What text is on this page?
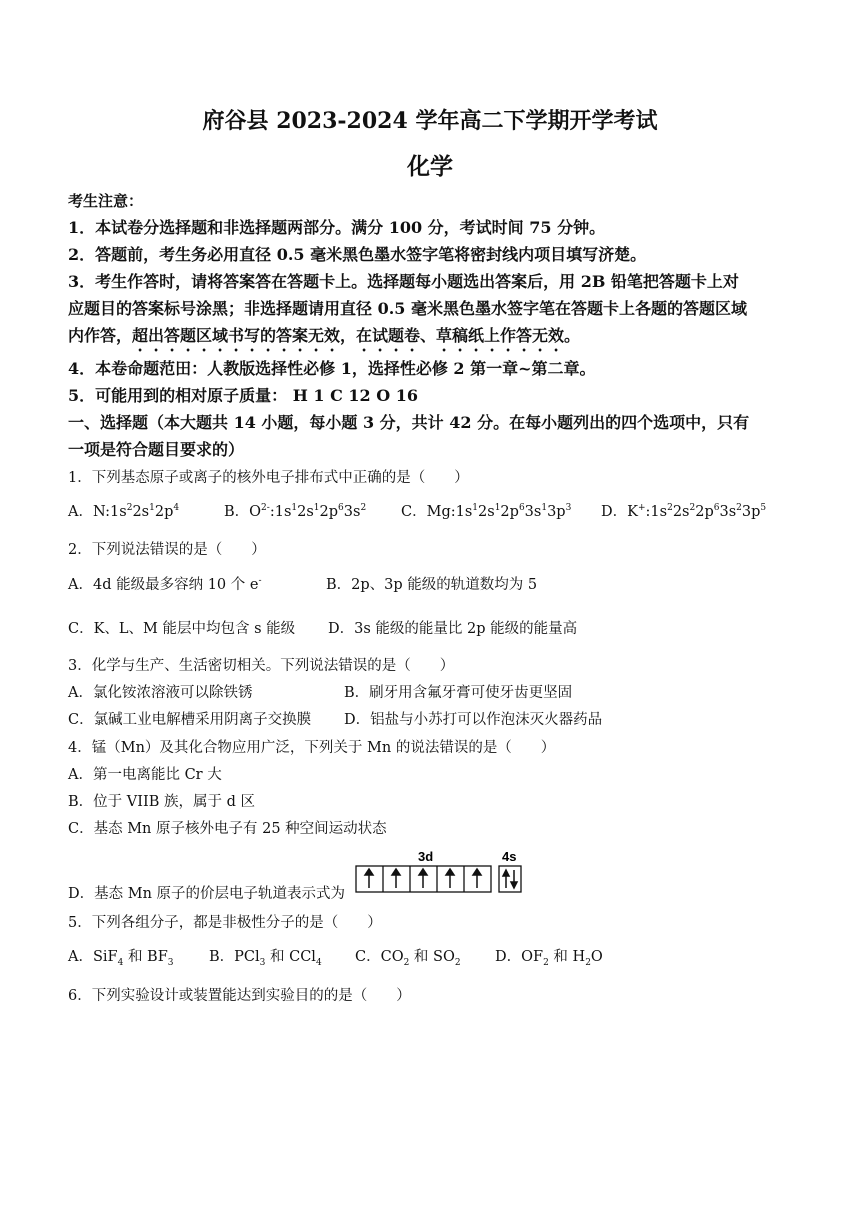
府谷县 2023-2024 学年高二下学期开学考试
化学
考生注意：
1．本试卷分选择题和非选择题两部分。满分 100 分，考试时间 75 分钟。
2．答题前，考生务必用直径 0.5 毫米黑色墨水签字笔将密封线内项目填写济楚。
3．考生作答时，请将答案答在答题卡上。选择题每小题选出答案后，用 2B 铅笔把答题卡上对
应题目的答案标号涂黑；非选择题请用直径 0.5 毫米黑色墨水签字笔在答题卡上各题的答题区域
内作答，超出答题区域书写的答案无效，在试题卷、草稿纸上作答无效。
4．本卷命题范田：人教版选择性必修 1，选择性必修 2 第一章~第二章。
5．可能用到的相对原子质量： H 1 C 12 O 16
一、选择题（本大题共 14 小题，每小题 3 分，共计 42 分。在每小题列出的四个选项中，只有
一项是符合题目要求的）
1．下列基态原子或离子的核外电子排布式中正确的是（　　）
A．$N:1s^22s^12p^4$	B．$O^{2-}:1s^12s^12p^63s^2$ C．$Mg:1s^12s^12p^63s^13p^3$ D．$K^+:1s^22s^22p^63s^23p^5$
2．下列说法错误的是（　　）
A．4d 能级最多容纳 10 个 e-	B．2p、3p 能级的轨道数均为 5
C．K、L、M 能层中均包含 s 能级 D．3s 能级的能量比 2p 能级的能量高
3．化学与生产、生活密切相关。下列说法错误的是（　　）
A．氯化铵浓溶液可以除铁锈	B．刷牙用含氟牙膏可使牙齿更坚固
C．氯碱工业电解槽采用阴离子交换膜 D．铝盐与小苏打可以作泡沫灭火器药品
4．锰（Mn）及其化合物应用广泛，下列关于 Mn 的说法错误的是（　　）
A．第一电离能比 Cr 大
B．位于 VIIB 族，属于 d 区
C．基态 Mn 原子核外电子有 25 种空间运动状态
D．基态 Mn 原子的价层电子轨道表示式为
3d	4s
5．下列各组分子，都是非极性分子的是（　　）
A．SiF$_4$ 和 $BF_3$ B．PCl$_3$ 和 CCl$_4$ C．$CO_2$ 和 $SO_2$ D．$OF_2$ 和 $H_2O$
6．下列实验设计或装置能达到实验目的的是（　　）
